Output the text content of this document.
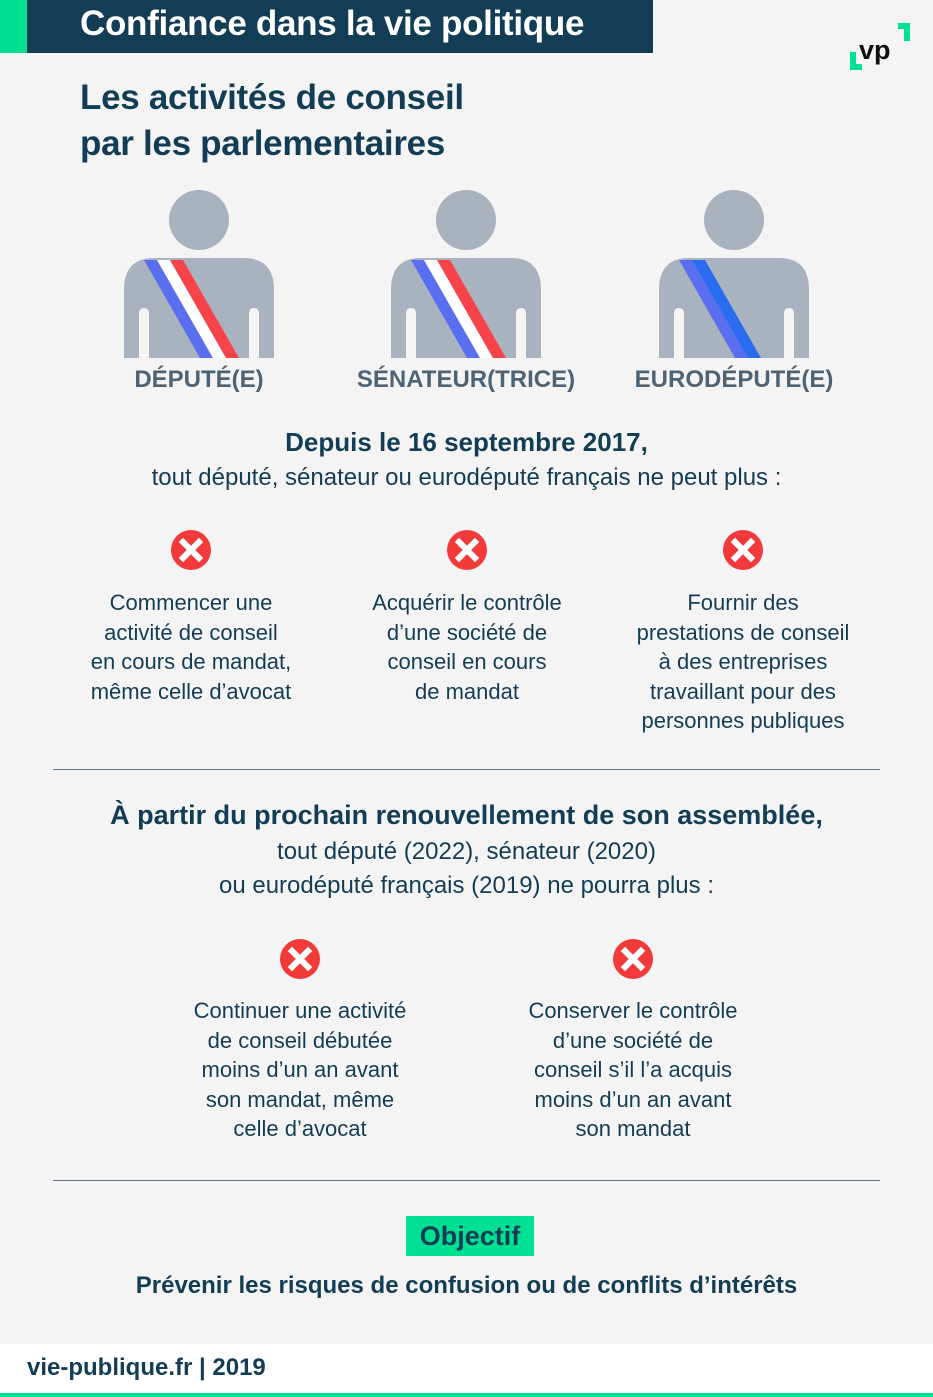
Confiance dans la vie politique
vp
Les activités de conseil
par les parlementaires
DÉPUTÉ(E)	SÉNATEUR(TRICE)	EURODÉPUTÉ(E)
Depuis le 16 septembre 2017,
tout député, sénateur ou eurodéputé français ne peut plus :
Commencer une
activité de conseil
en cours de mandat,
même celle d’avocat
Acquérir le contrôle
d’une société de
conseil en cours
de mandat
Fournir des
prestations de conseil
à des entreprises
travaillant pour des
personnes publiques
À partir du prochain renouvellement de son assemblée,
tout député (2022), sénateur (2020)
ou eurodéputé français (2019) ne pourra plus :
Continuer une activité
de conseil débutée
moins d’un an avant
son mandat, même
celle d’avocat
Conserver le contrôle
d’une société de
conseil s’il l’a acquis
moins d’un an avant
son mandat
Objectif
Prévenir les risques de confusion ou de conflits d’intérêts
vie-publique.fr | 2019
